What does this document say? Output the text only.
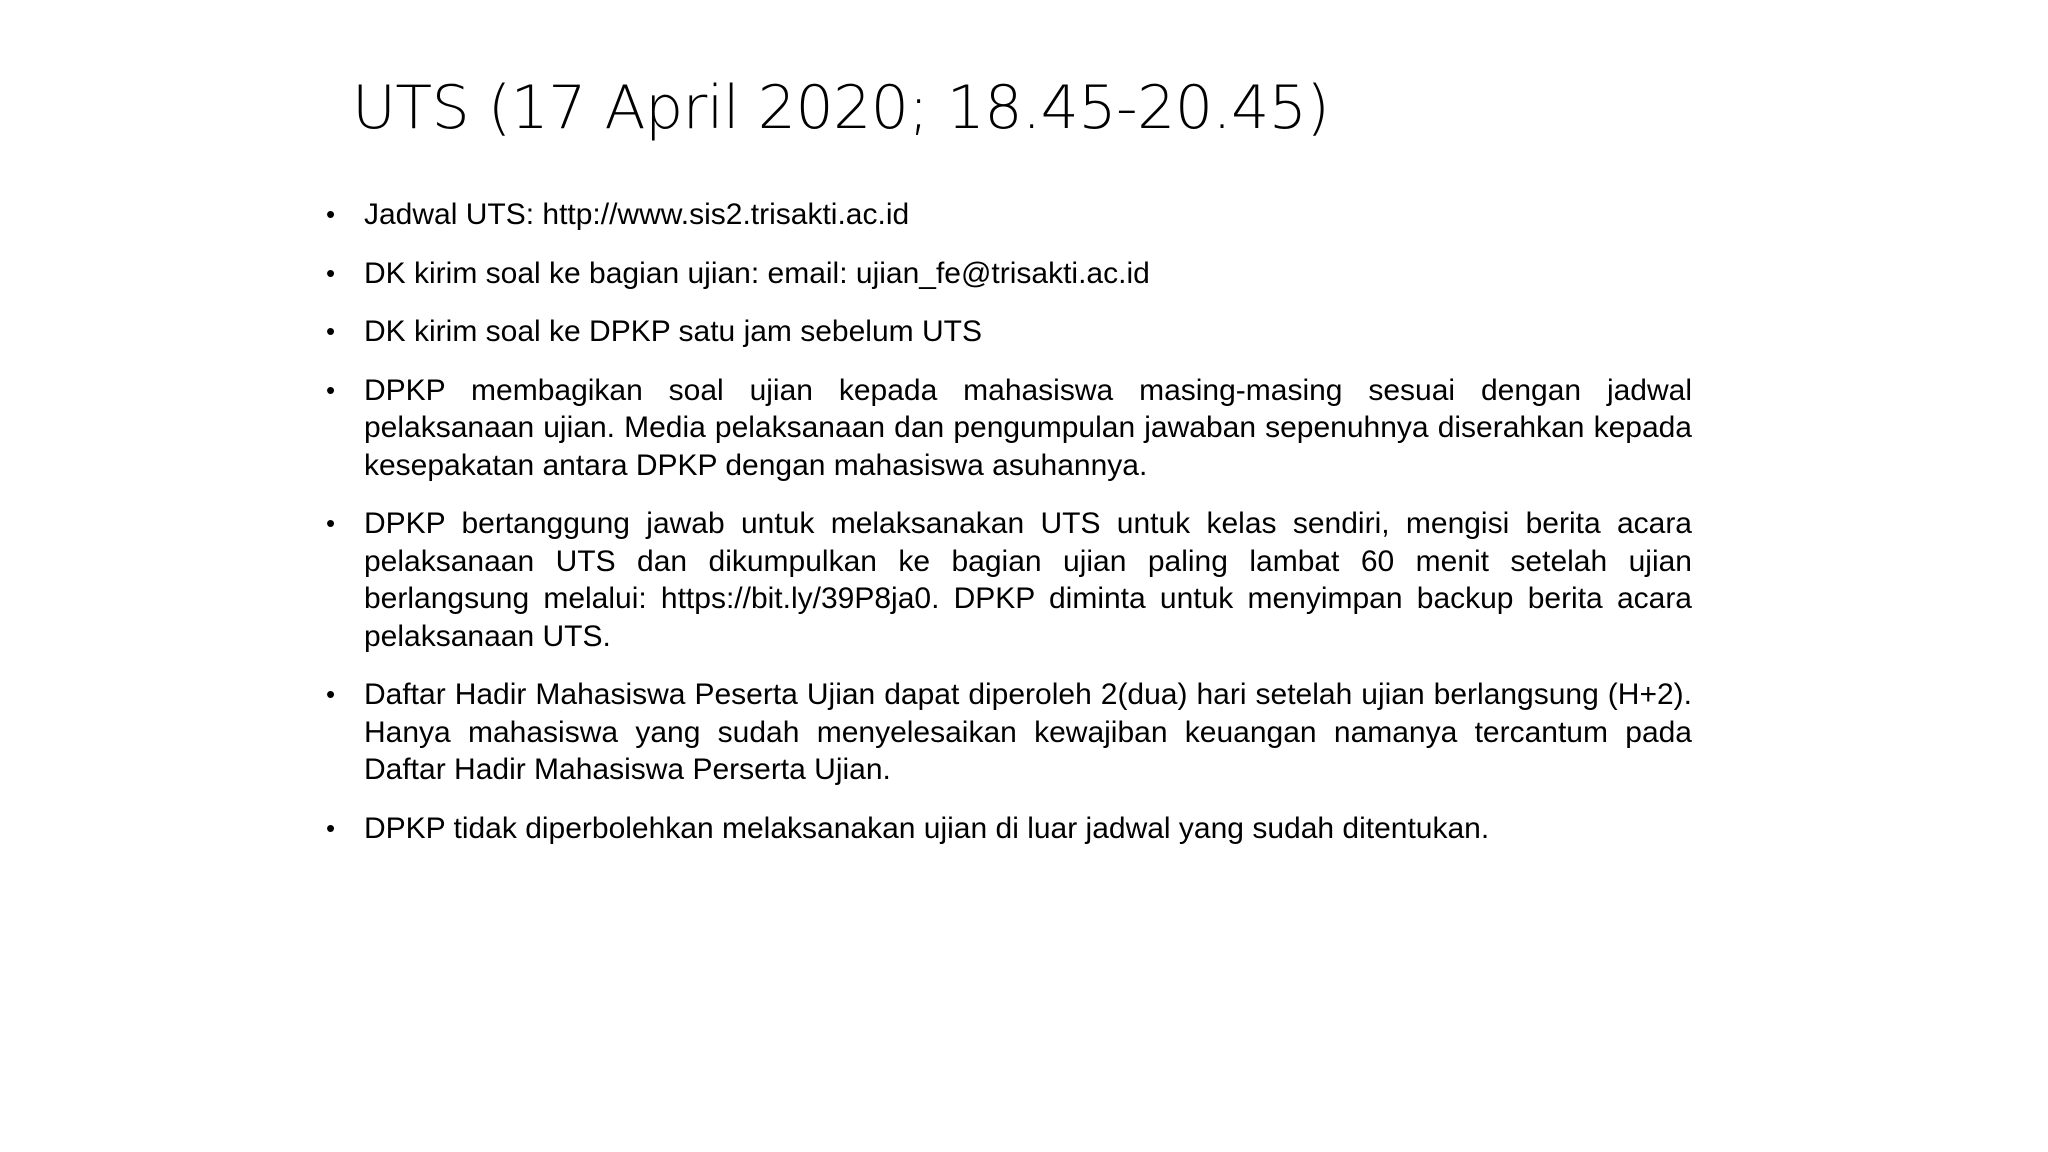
UTS (17 April 2020; 18.45-20.45)
• Jadwal UTS: http://www.sis2.trisakti.ac.id
• DK kirim soal ke bagian ujian: email: ujian_fe@trisakti.ac.id
• DK kirim soal ke DPKP satu jam sebelum UTS
• DPKP membagikan soal ujian kepada mahasiswa masing-masing sesuai dengan jadwal pelaksanaan ujian. Media pelaksanaan dan pengumpulan jawaban sepenuhnya diserahkan kepada kesepakatan antara DPKP dengan mahasiswa asuhannya.
• DPKP bertanggung jawab untuk melaksanakan UTS untuk kelas sendiri, mengisi berita acara pelaksanaan UTS dan dikumpulkan ke bagian ujian paling lambat 60 menit setelah ujian berlangsung melalui: https://bit.ly/39P8ja0. DPKP diminta untuk menyimpan backup berita acara pelaksanaan UTS.
• Daftar Hadir Mahasiswa Peserta Ujian dapat diperoleh 2(dua) hari setelah ujian berlangsung (H+2). Hanya mahasiswa yang sudah menyelesaikan kewajiban keuangan namanya tercantum pada Daftar Hadir Mahasiswa Perserta Ujian.
• DPKP tidak diperbolehkan melaksanakan ujian di luar jadwal yang sudah ditentukan.
